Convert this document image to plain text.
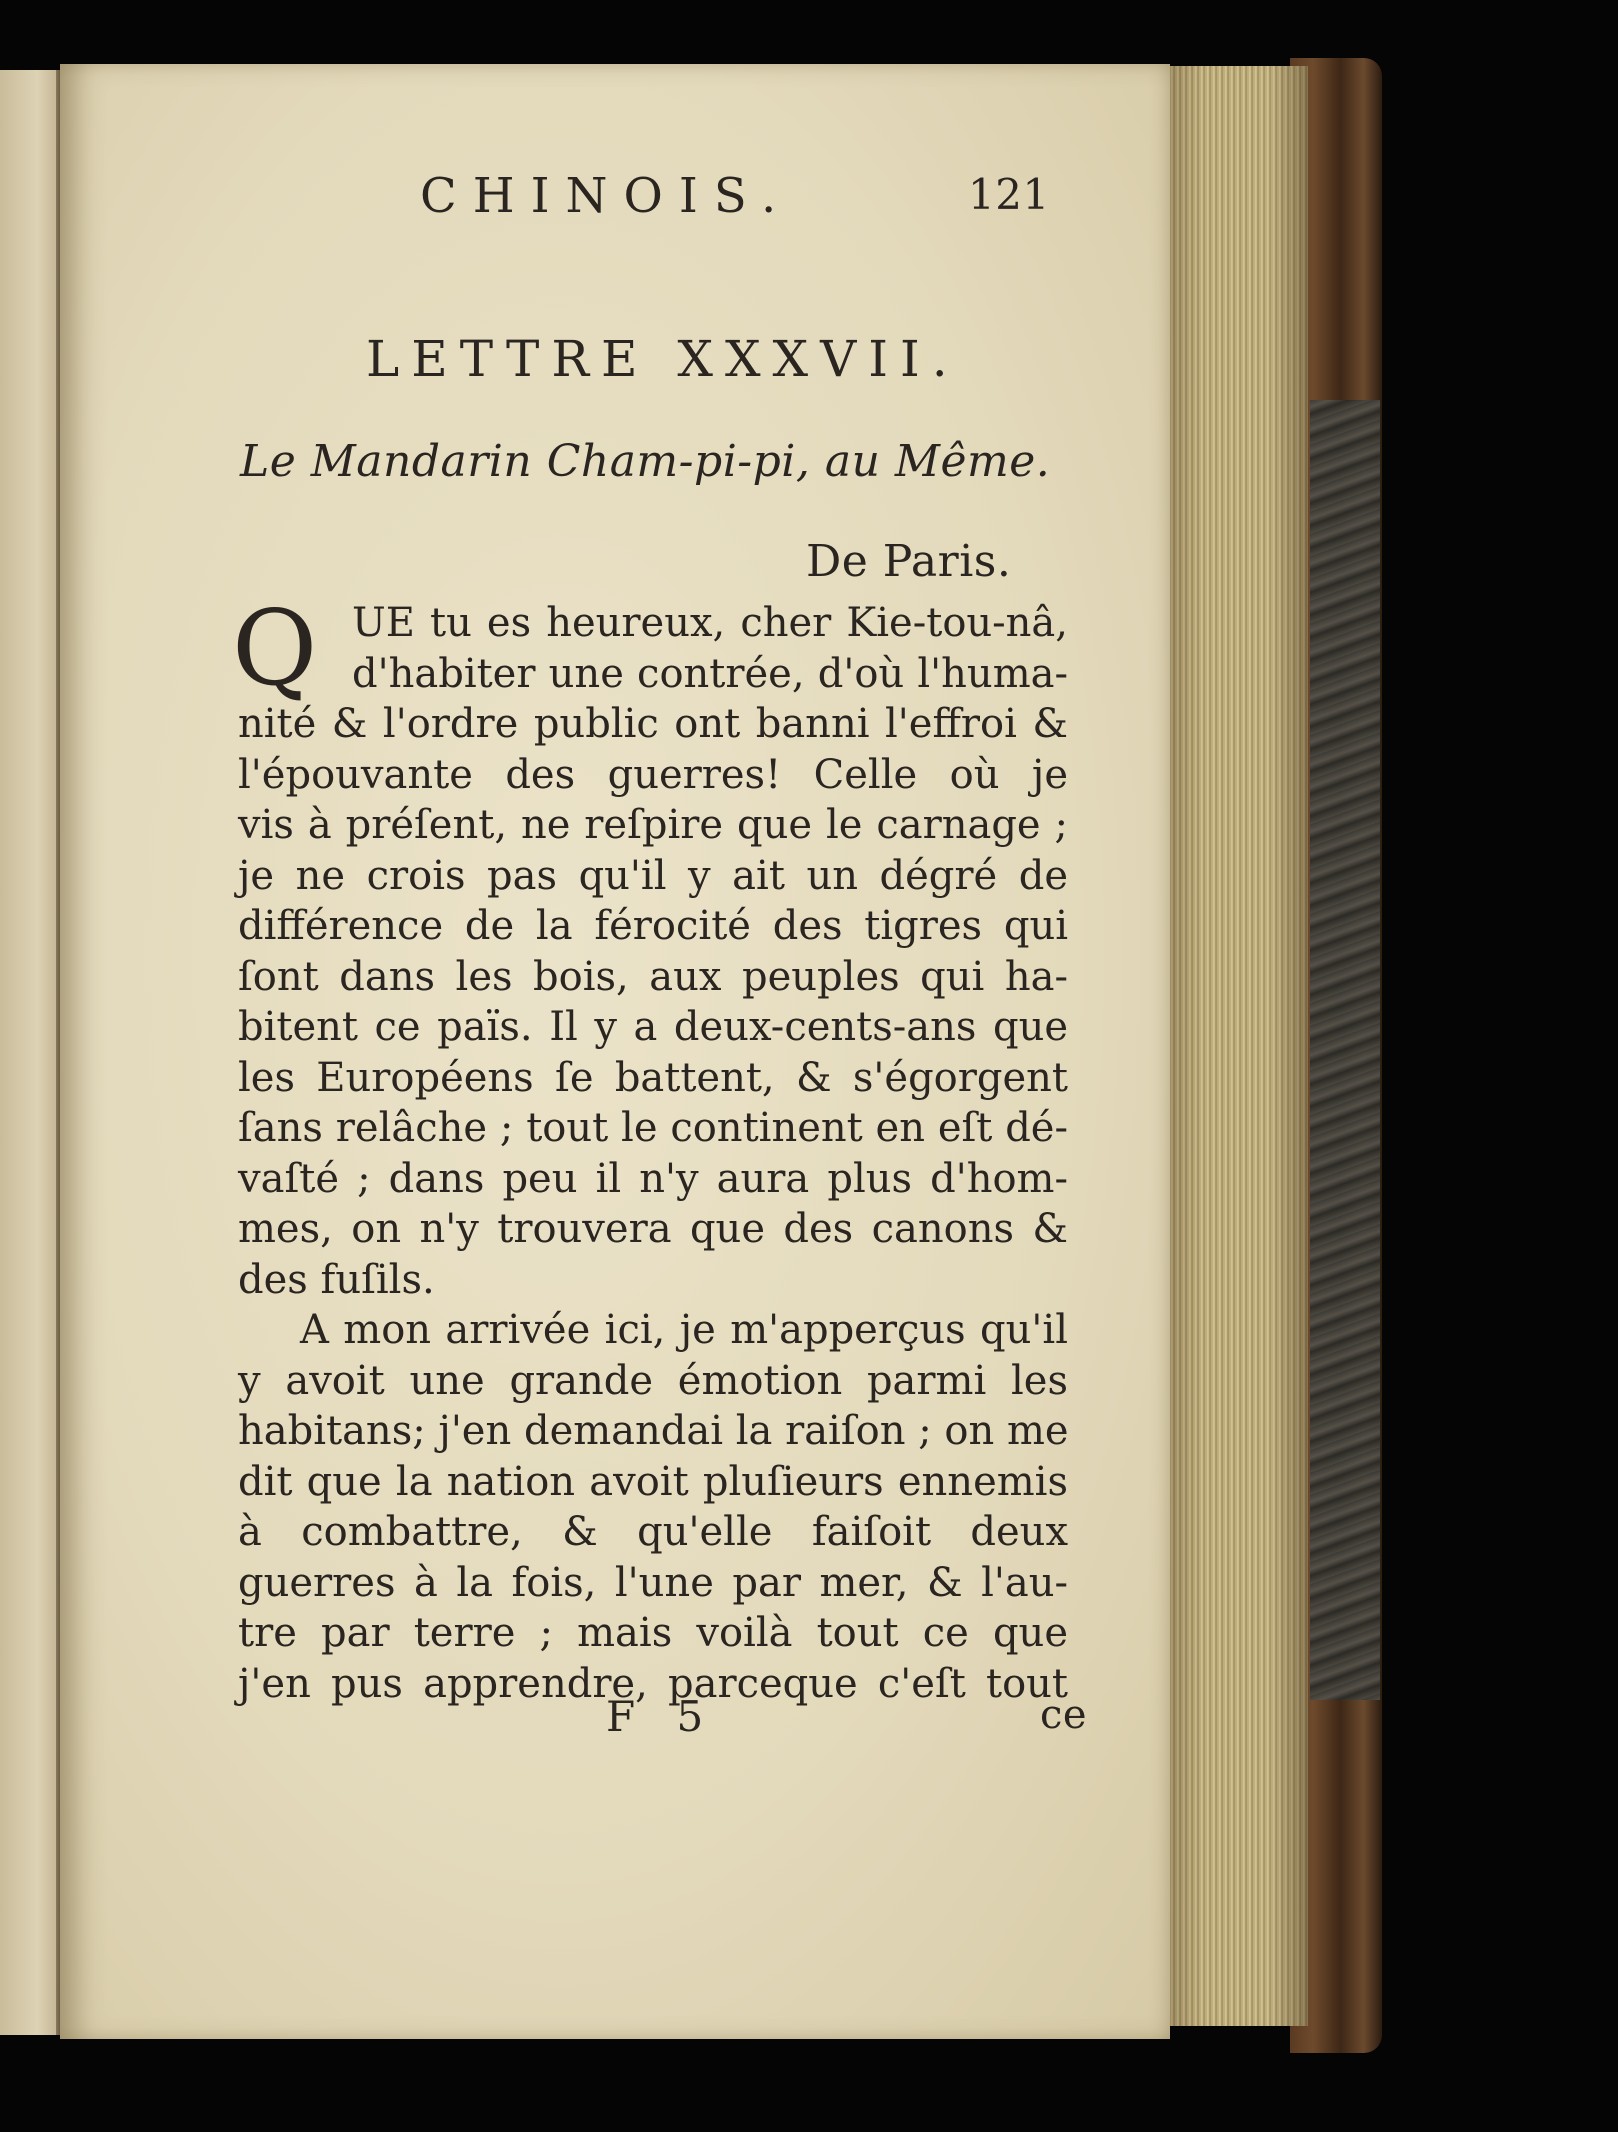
CHINOIS.	121
LETTRE XXXVII.
Le Mandarin Cham-pi-pi, au Même.
De Paris.
Q UE tu es heureux, cher Kie-tou-nâ,
d'habiter une contrée, d'où l'huma-
nité & l'ordre public ont banni l'effroi &
l'épouvante des guerres! Celle où je
vis à préſent, ne reſpire que le carnage ;
je ne crois pas qu'il y ait un dégré de
différence de la férocité des tigres qui
ſont dans les bois, aux peuples qui ha-
bitent ce païs. Il y a deux-cents-ans que
les Européens ſe battent, & s'égorgent
ſans relâche ; tout le continent en eſt dé-
vaſté ; dans peu il n'y aura plus d'hom-
mes, on n'y trouvera que des canons &
des fuſils.
A mon arrivée ici, je m'apperçus qu'il
y avoit une grande émotion parmi les
habitans; j'en demandai la raiſon ; on me
dit que la nation avoit pluſieurs ennemis
à combattre, & qu'elle faiſoit deux
guerres à la fois, l'une par mer, & l'au-
tre par terre ; mais voilà tout ce que
j'en pus apprendre, parceque c'eſt tout
F 5	ce
